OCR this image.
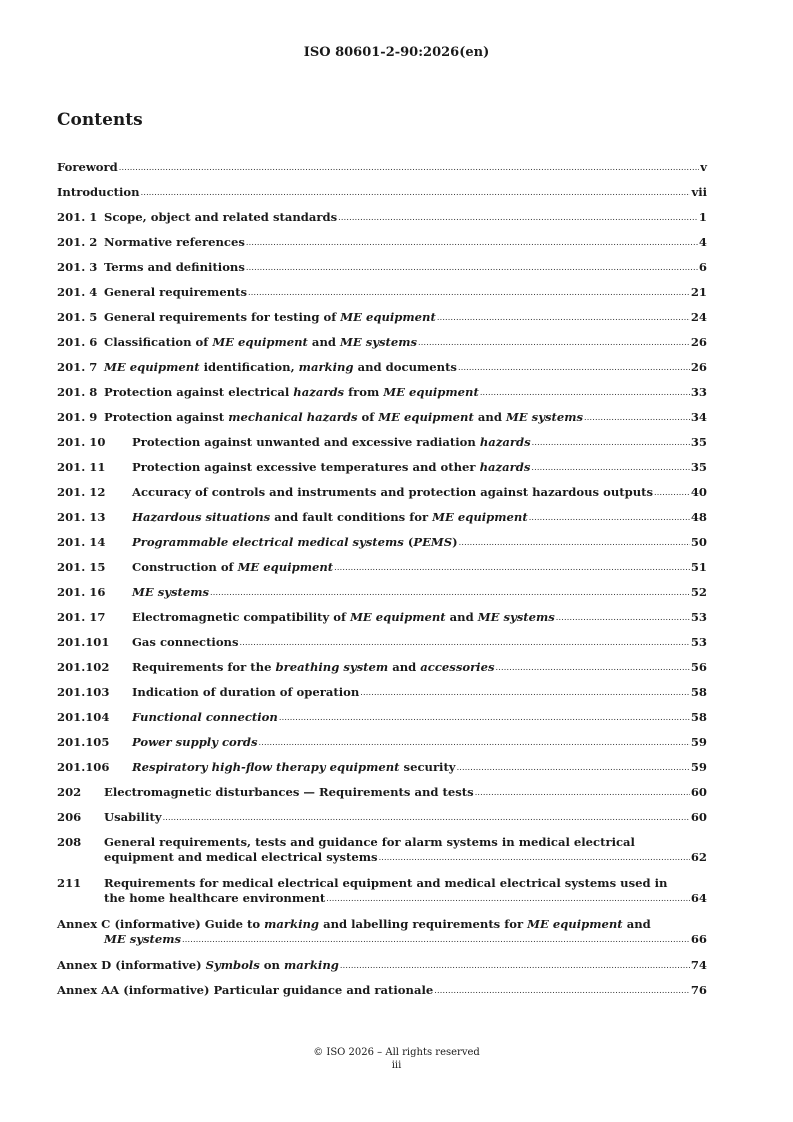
ISO 80601-2-90:2026(en)
Contents
Foreword .....	v
Introduction .....	vii
201. 1 Scope, object and related standards .....	1
201. 2 Normative references .....	4
201. 3 Terms and definitions .....	6
201. 4 General requirements .....	21
201. 5 General requirements for testing of ME equipment .....	24
201. 6 Classification of ME equipment and ME systems .....	26
201. 7 ME equipment identification, marking and documents .....	26
201. 8 Protection against electrical hazards from ME equipment .....	33
201. 9 Protection against mechanical hazards of ME equipment and ME systems .....	34
201. 10	Protection against unwanted and excessive radiation hazards .....	35
201. 11	Protection against excessive temperatures and other hazards .....	35
201. 12	Accuracy of controls and instruments and protection against hazardous outputs .....	40
201. 13	Hazardous situations and fault conditions for ME equipment .....	48
201. 14	Programmable electrical medical systems (PEMS) .....	50
201. 15	Construction of ME equipment .....	51
201. 16	ME systems .....	52
201. 17	Electromagnetic compatibility of ME equipment and ME systems .....	53
201.101	Gas connections .....	53
201.102	Requirements for the breathing system and accessories .....	56
201.103	Indication of duration of operation .....	58
201.104	Functional connection .....	58
201.105	Power supply cords .....	59
201.106	Respiratory high-flow therapy equipment security .....	59
202	Electromagnetic disturbances — Requirements and tests .....	60
206	Usability .....	60
208	General requirements, tests and guidance for alarm systems in medical electrical
equipment and medical electrical systems .....	62
211	Requirements for medical electrical equipment and medical electrical systems used in
the home healthcare environment .....	64
Annex C (informative) Guide to marking and labelling requirements for ME equipment and
ME systems .....	66
Annex D (informative) Symbols on marking .....	74
Annex AA (informative) Particular guidance and rationale .....	76
© ISO 2026 – All rights reserved
iii
